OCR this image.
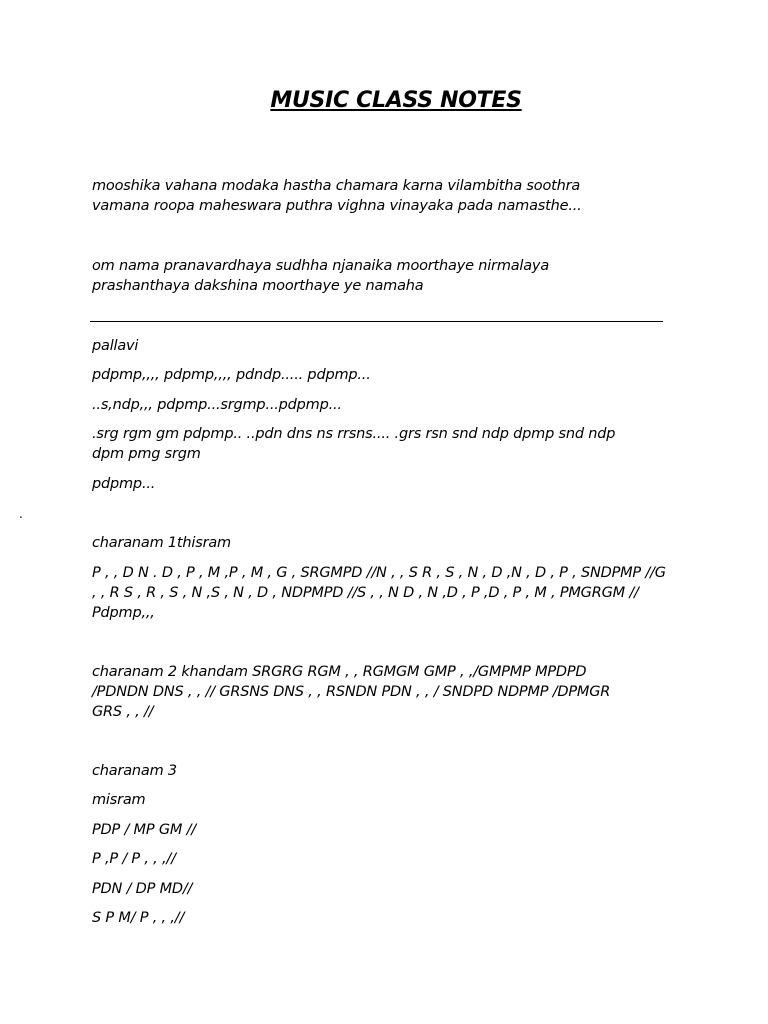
MUSIC CLASS NOTES
mooshika vahana modaka hastha chamara karna vilambitha soothra
vamana roopa maheswara puthra vighna vinayaka pada namasthe...
om nama pranavardhaya sudhha njanaika moorthaye nirmalaya
prashanthaya dakshina moorthaye ye namaha
pallavi
pdpmp,,,, pdpmp,,,, pdndp..... pdpmp...
..s,ndp,,, pdpmp...srgmp...pdpmp...
.srg rgm gm pdpmp.. ..pdn dns ns rrsns.... .grs rsn snd ndp dpmp snd ndp
dpm pmg srgm
pdpmp...
.
charanam 1thisram
P , , D N . D , P , M ,P , M , G , SRGMPD //N , , S R , S , N , D ,N , D , P , SNDPMP //G
, , R S , R , S , N ,S , N , D , NDPMPD //S , , N D , N ,D , P ,D , P , M , PMGRGM //
Pdpmp,,,
charanam 2 khandam SRGRG RGM , , RGMGM GMP , ,/GMPMP MPDPD
/PDNDN DNS , , // GRSNS DNS , , RSNDN PDN , , / SNDPD NDPMP /DPMGR
GRS , , //
charanam 3
misram
PDP / MP GM //
P ,P / P , , ,//
PDN / DP MD//
S P M/ P , , ,//
